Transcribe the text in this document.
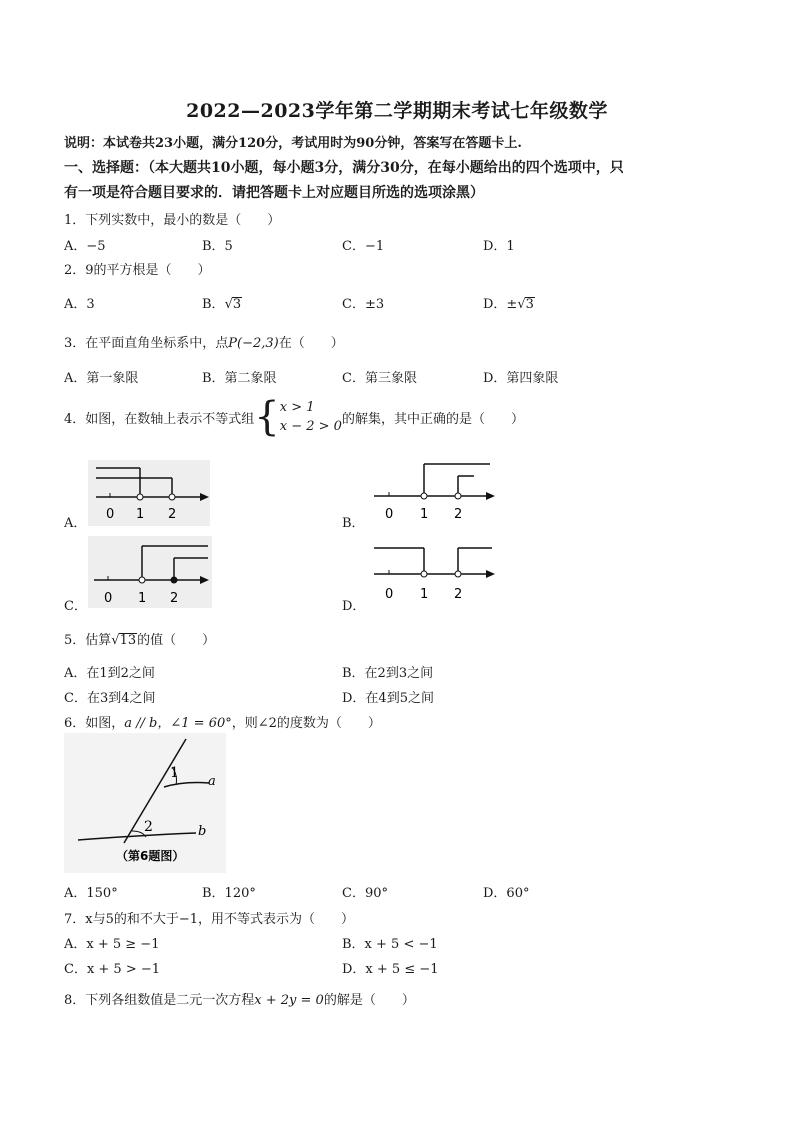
2022—2023学年第二学期期末考试七年级数学
说明：本试卷共23小题，满分120分，考试用时为90分钟，答案写在答题卡上.
一、选择题：（本大题共10小题，每小题3分，满分30分，在每小题给出的四个选项中，只
有一项是符合题目要求的．请把答题卡上对应题目所选的选项涂黑）
1．下列实数中，最小的数是（　　）
A．−5	B．5	C．−1	D．1
2．9的平方根是（　　）
A．3	B．√3	C．±3	D．±√3
3．在平面直角坐标系中，点P(−2,3)在（　　）
A．第一象限	B．第二象限	C．第三象限	D．第四象限
4．如图，在数轴上表示不等式组 { x > 1
x − 2 > 0 的解集，其中正确的是（　　）
A．
0 1 2
B．
0 1 2
C．
0 1 2
D．
0 1 2
5．估算√13的值（　　）
A．在1到2之间	B．在2到3之间
C．在3到4之间	D．在4到5之间
6．如图，a // b，∠1 = 60°，则∠2的度数为（　　）
1
2
a
b
（第6题图）
A．150°	B．120°	C．90°	D．60°
7．x与5的和不大于−1，用不等式表示为（　　）
A．x + 5 ≥ −1	B．x + 5 < −1
C．x + 5 > −1	D．x + 5 ≤ −1
8．下列各组数值是二元一次方程x + 2y = 0的解是（　　）
